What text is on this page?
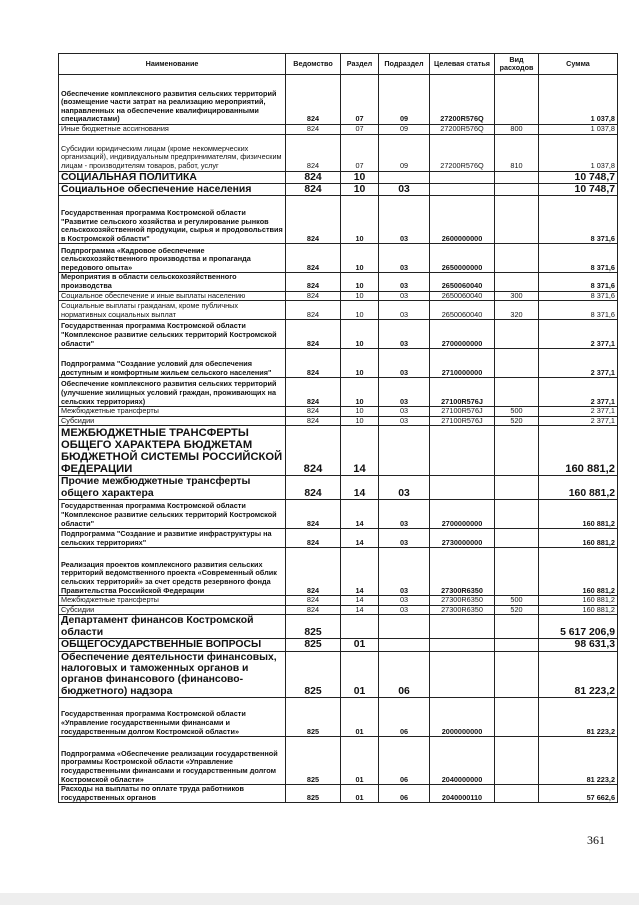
Наименование	Ведомство	Раздел	Подраздел	Целевая статья	Вид расходов	Сумма
Обеспечение комплексного развития сельских территорий (возмещение части затрат на реализацию мероприятий, направленных на обеспечение квалифицированными специалистами)	824	07	09	27200R576Q		1 037,8
Иные бюджетные ассигнования	824	07	09	27200R576Q	800	1 037,8
Субсидии юридическим лицам (кроме некоммерческих организаций), индивидуальным предпринимателям, физическим лицам - производителям товаров, работ, услуг	824	07	09	27200R576Q	810	1 037,8
СОЦИАЛЬНАЯ ПОЛИТИКА	824	10				10 748,7
Социальное обеспечение населения	824	10	03			10 748,7
Государственная программа Костромской области "Развитие сельского хозяйства и регулирование рынков сельскохозяйственной продукции, сырья и продовольствия в Костромской области"	824	10	03	2600000000		8 371,6
Подпрограмма «Кадровое обеспечение сельскохозяйственного производства и пропаганда передового опыта»	824	10	03	2650000000		8 371,6
Мероприятия в области сельскохозяйственного производства	824	10	03	2650060040		8 371,6
Социальное обеспечение и иные выплаты населению	824	10	03	2650060040	300	8 371,6
Социальные выплаты гражданам, кроме публичных нормативных социальных выплат	824	10	03	2650060040	320	8 371,6
Государственная программа Костромской области "Комплексное развитие сельских территорий Костромской области"	824	10	03	2700000000		2 377,1
Подпрограмма "Создание условий для обеспечения доступным и комфортным жильем сельского населения"	824	10	03	2710000000		2 377,1
Обеспечение комплексного развития сельских территорий (улучшение жилищных условий граждан, проживающих на сельских территориях)	824	10	03	27100R576J		2 377,1
Межбюджетные трансферты	824	10	03	27100R576J	500	2 377,1
Субсидии	824	10	03	27100R576J	520	2 377,1
МЕЖБЮДЖЕТНЫЕ ТРАНСФЕРТЫ ОБЩЕГО ХАРАКТЕРА БЮДЖЕТАМ БЮДЖЕТНОЙ СИСТЕМЫ РОССИЙСКОЙ ФЕДЕРАЦИИ	824	14				160 881,2
Прочие межбюджетные трансферты общего характера	824	14	03			160 881,2
Государственная программа Костромской области "Комплексное развитие сельских территорий Костромской области"	824	14	03	2700000000		160 881,2
Подпрограмма "Создание и развитие инфраструктуры на сельских территориях"	824	14	03	2730000000		160 881,2
Реализация проектов комплексного развития сельских территорий ведомственного проекта «Современный облик сельских территорий» за счет средств резервного фонда Правительства Российской Федерации	824	14	03	27300R6350		160 881,2
Межбюджетные трансферты	824	14	03	27300R6350	500	160 881,2
Субсидии	824	14	03	27300R6350	520	160 881,2
Департамент финансов Костромской области	825					5 617 206,9
ОБЩЕГОСУДАРСТВЕННЫЕ ВОПРОСЫ	825	01				98 631,3
Обеспечение деятельности финансовых, налоговых и таможенных органов и органов финансового (финансово-бюджетного) надзора	825	01	06			81 223,2
Государственная программа Костромской области «Управление государственными финансами и государственным долгом Костромской области»	825	01	06	2000000000		81 223,2
Подпрограмма «Обеспечение реализации государственной программы Костромской области «Управление государственными финансами и государственным долгом Костромской области»	825	01	06	2040000000		81 223,2
Расходы на выплаты по оплате труда работников государственных органов	825	01	06	2040000110		57 662,6
361
